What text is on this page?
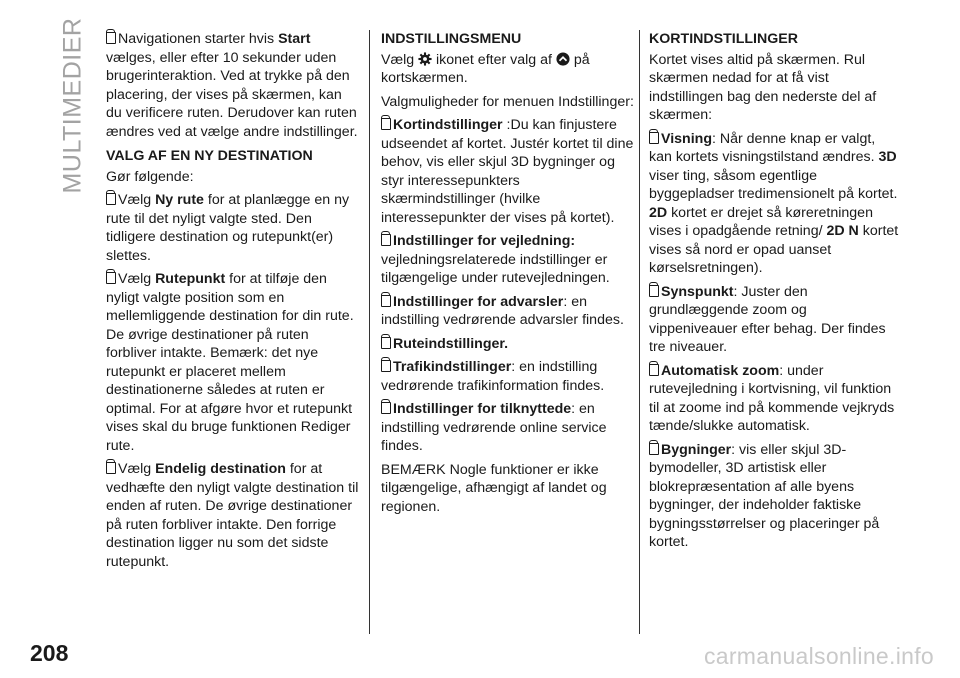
MULTIMEDIER	Navigationen starter hvis Start vælges, eller efter 10 sekunder uden brugerinteraktion. Ved at trykke på den placering, der vises på skærmen, kan du verificere ruten. Derudover kan ruten ændres ved at vælge andre indstillinger.

VALG AF EN NY DESTINATION

Gør følgende:

Vælg Ny rute for at planlægge en ny rute til det nyligt valgte sted. Den tidligere destination og rutepunkt(er) slettes.

Vælg Rutepunkt for at tilføje den nyligt valgte position som en mellemliggende destination for din rute. De øvrige destinationer på ruten forbliver intakte. Bemærk: det nye rutepunkt er placeret mellem destinationerne således at ruten er optimal. For at afgøre hvor et rutepunkt vises skal du bruge funktionen Rediger rute.

Vælg Endelig destination for at vedhæfte den nyligt valgte destination til enden af ruten. De øvrige destinationer på ruten forbliver intakte. Den forrige destination ligger nu som det sidste rutepunkt.

INDSTILLINGSMENU

Vælg  ikonet efter valg af  på kortskærmen.

Valgmuligheder for menuen Indstillinger:

Kortindstillinger :Du kan finjustere udseendet af kortet. Justér kortet til dine behov, vis eller skjul 3D bygninger og styr interessepunkters skærmindstillinger (hvilke interessepunkter der vises på kortet).

Indstillinger for vejledning: vejledningsrelaterede indstillinger er tilgængelige under rutevejledningen.

Indstillinger for advarsler: en indstilling vedrørende advarsler findes.

Ruteindstillinger.

Trafikindstillinger: en indstilling vedrørende trafikinformation findes.

Indstillinger for tilknyttede: en indstilling vedrørende online service findes.

BEMÆRK Nogle funktioner er ikke tilgængelige, afhængigt af landet og regionen.

KORTINDSTILLINGER

Kortet vises altid på skærmen. Rul skærmen nedad for at få vist indstillingen bag den nederste del af skærmen:

Visning: Når denne knap er valgt, kan kortets visningstilstand ændres. 3D viser ting, såsom egentlige byggepladser tredimensionelt på kortet. 2D kortet er drejet så køreretningen vises i opadgående retning/ 2D N kortet vises så nord er opad uanset kørselsretningen).

Synspunkt: Juster den grundlæggende zoom og vippeniveauer efter behag. Der findes tre niveauer.

Automatisk zoom: under rutevejledning i kortvisning, vil funktion til at zoome ind på kommende vejkryds tænde/slukke automatisk.

Bygninger: vis eller skjul 3D-bymodeller, 3D artistisk eller blokrepræsentation af alle byens bygninger, der indeholder faktiske bygningsstørrelser og placeringer på kortet.

208	carmanualsonline.info
